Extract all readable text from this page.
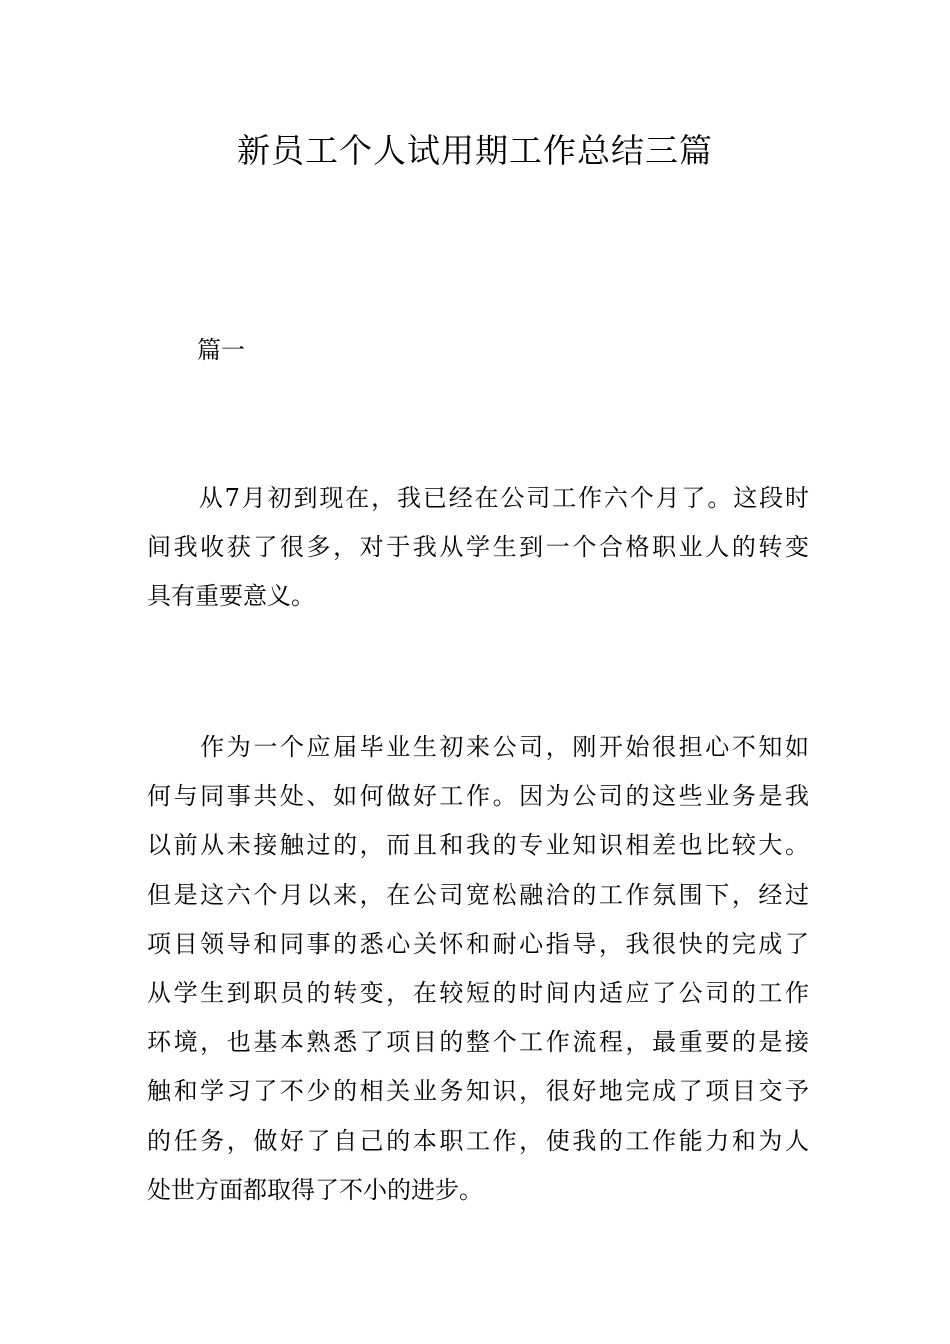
新员工个人试用期工作总结三篇
篇一

　　从7月初到现在，我已经在公司工作六个月了。这段时
间我收获了很多，对于我从学生到一个合格职业人的转变
具有重要意义。

　　作为一个应届毕业生初来公司，刚开始很担心不知如
何与同事共处、如何做好工作。因为公司的这些业务是我
以前从未接触过的，而且和我的专业知识相差也比较大。
但是这六个月以来，在公司宽松融洽的工作氛围下，经过
项目领导和同事的悉心关怀和耐心指导，我很快的完成了
从学生到职员的转变，在较短的时间内适应了公司的工作
环境，也基本熟悉了项目的整个工作流程，最重要的是接
触和学习了不少的相关业务知识，很好地完成了项目交予
的任务，做好了自己的本职工作，使我的工作能力和为人
处世方面都取得了不小的进步。
